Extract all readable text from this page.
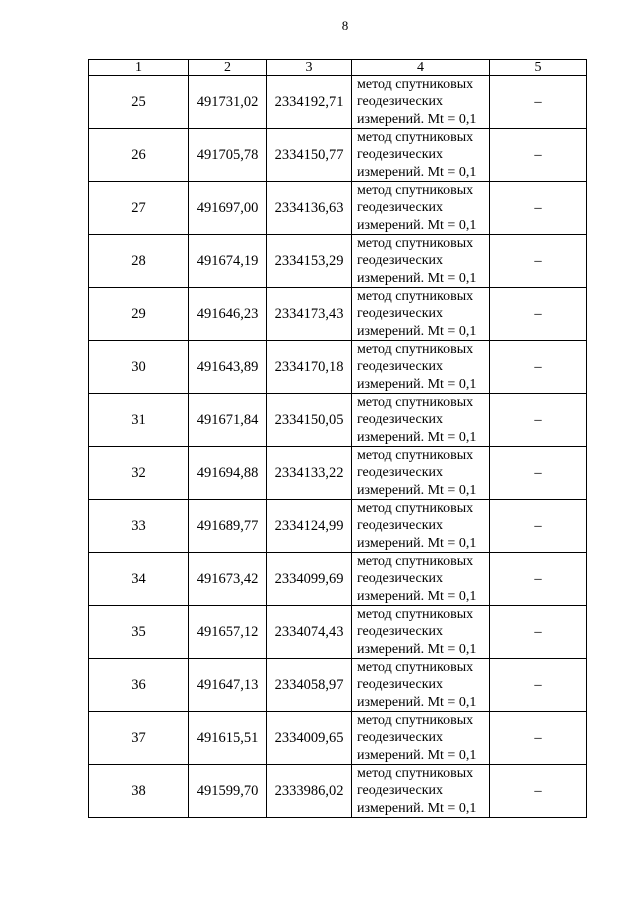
8
1	2	3	4	5
25	491731,02	2334192,71	метод спутниковых
геодезических
измерений. Mt = 0,1	–
26	491705,78	2334150,77	метод спутниковых
геодезических
измерений. Mt = 0,1	–
27	491697,00	2334136,63	метод спутниковых
геодезических
измерений. Mt = 0,1	–
28	491674,19	2334153,29	метод спутниковых
геодезических
измерений. Mt = 0,1	–
29	491646,23	2334173,43	метод спутниковых
геодезических
измерений. Mt = 0,1	–
30	491643,89	2334170,18	метод спутниковых
геодезических
измерений. Mt = 0,1	–
31	491671,84	2334150,05	метод спутниковых
геодезических
измерений. Mt = 0,1	–
32	491694,88	2334133,22	метод спутниковых
геодезических
измерений. Mt = 0,1	–
33	491689,77	2334124,99	метод спутниковых
геодезических
измерений. Mt = 0,1	–
34	491673,42	2334099,69	метод спутниковых
геодезических
измерений. Mt = 0,1	–
35	491657,12	2334074,43	метод спутниковых
геодезических
измерений. Mt = 0,1	–
36	491647,13	2334058,97	метод спутниковых
геодезических
измерений. Mt = 0,1	–
37	491615,51	2334009,65	метод спутниковых
геодезических
измерений. Mt = 0,1	–
38	491599,70	2333986,02	метод спутниковых
геодезических
измерений. Mt = 0,1	–
